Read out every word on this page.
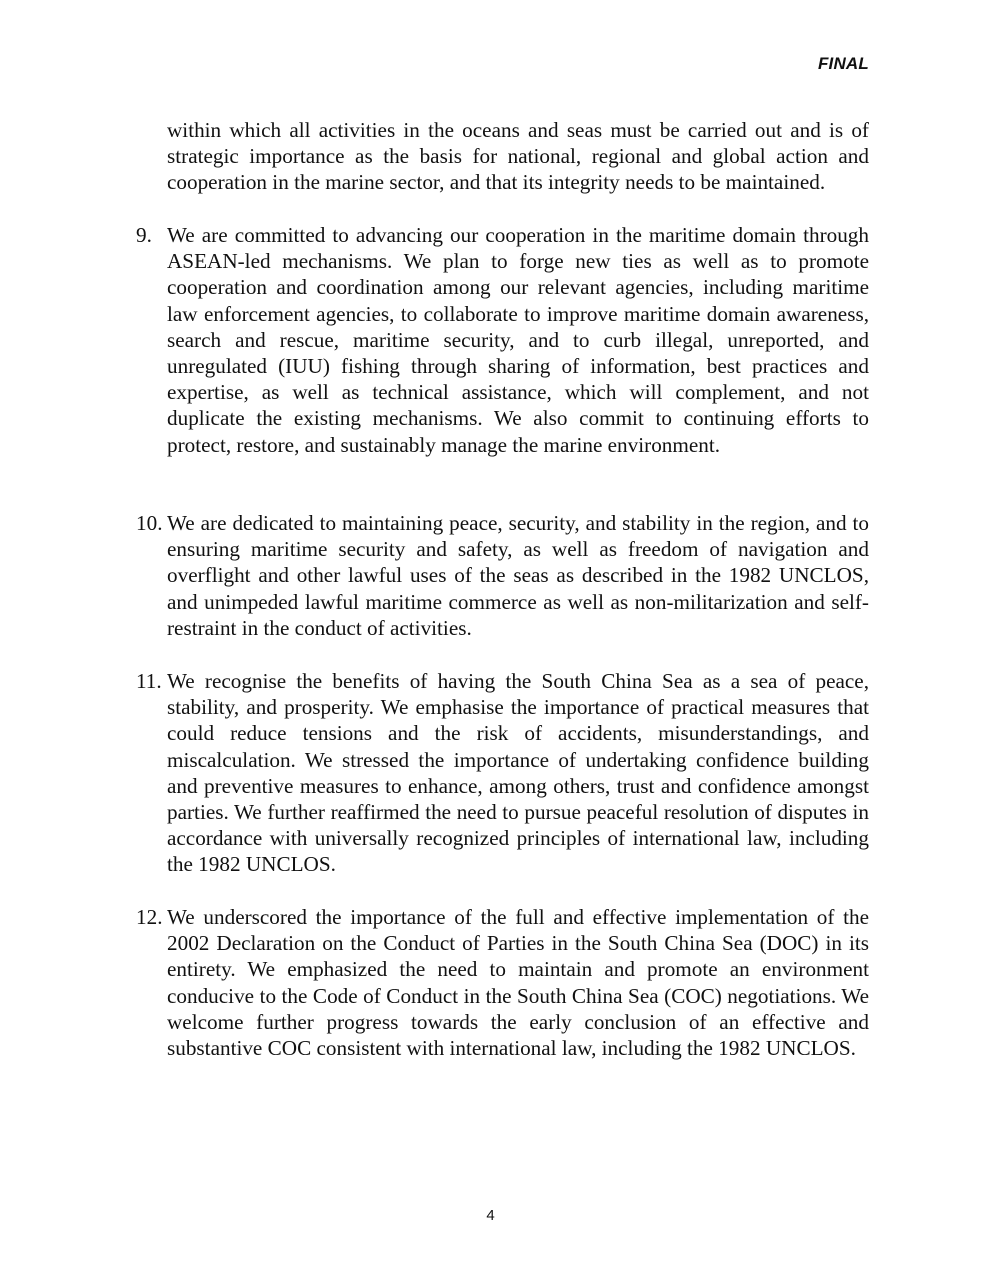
FINAL
within which all activities in the oceans and seas must be carried out and is of strategic importance as the basis for national, regional and global action and cooperation in the marine sector, and that its integrity needs to be maintained.
9. We are committed to advancing our cooperation in the maritime domain through ASEAN-led mechanisms. We plan to forge new ties as well as to promote cooperation and coordination among our relevant agencies, including maritime law enforcement agencies, to collaborate to improve maritime domain awareness, search and rescue, maritime security, and to curb illegal, unreported, and unregulated (IUU) fishing through sharing of information, best practices and expertise, as well as technical assistance, which will complement, and not duplicate the existing mechanisms. We also commit to continuing efforts to protect, restore, and sustainably manage the marine environment.
10. We are dedicated to maintaining peace, security, and stability in the region, and to ensuring maritime security and safety, as well as freedom of navigation and overflight and other lawful uses of the seas as described in the 1982 UNCLOS, and unimpeded lawful maritime commerce as well as non-militarization and self-restraint in the conduct of activities.
11. We recognise the benefits of having the South China Sea as a sea of peace, stability, and prosperity. We emphasise the importance of practical measures that could reduce tensions and the risk of accidents, misunderstandings, and miscalculation. We stressed the importance of undertaking confidence building and preventive measures to enhance, among others, trust and confidence amongst parties. We further reaffirmed the need to pursue peaceful resolution of disputes in accordance with universally recognized principles of international law, including the 1982 UNCLOS.
12. We underscored the importance of the full and effective implementation of the 2002 Declaration on the Conduct of Parties in the South China Sea (DOC) in its entirety. We emphasized the need to maintain and promote an environment conducive to the Code of Conduct in the South China Sea (COC) negotiations. We welcome further progress towards the early conclusion of an effective and substantive COC consistent with international law, including the 1982 UNCLOS.
4
